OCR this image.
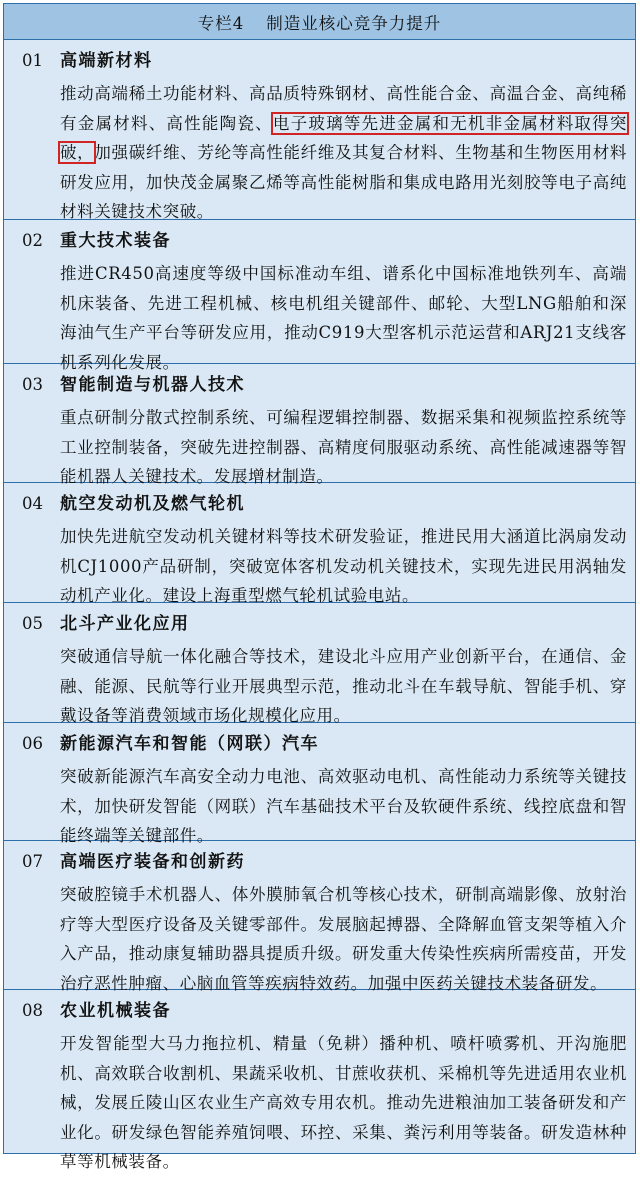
专栏4 制造业核心竞争力提升
01	高端新材料
推动高端稀土功能材料、高品质特殊钢材、高性能合金、高温合金、高纯稀有金属材料、高性能陶瓷、电子玻璃等先进金属和无机非金属材料取得突破，加强碳纤维、芳纶等高性能纤维及其复合材料、生物基和生物医用材料研发应用，加快茂金属聚乙烯等高性能树脂和集成电路用光刻胶等电子高纯材料关键技术突破。
02	重大技术装备
推进CR450高速度等级中国标准动车组、谱系化中国标准地铁列车、高端机床装备、先进工程机械、核电机组关键部件、邮轮、大型LNG船舶和深海油气生产平台等研发应用，推动C919大型客机示范运营和ARJ21支线客机系列化发展。
03	智能制造与机器人技术
重点研制分散式控制系统、可编程逻辑控制器、数据采集和视频监控系统等工业控制装备，突破先进控制器、高精度伺服驱动系统、高性能减速器等智能机器人关键技术。发展增材制造。
04	航空发动机及燃气轮机
加快先进航空发动机关键材料等技术研发验证，推进民用大涵道比涡扇发动机CJ1000产品研制，突破宽体客机发动机关键技术，实现先进民用涡轴发动机产业化。建设上海重型燃气轮机试验电站。
05	北斗产业化应用
突破通信导航一体化融合等技术，建设北斗应用产业创新平台，在通信、金融、能源、民航等行业开展典型示范，推动北斗在车载导航、智能手机、穿戴设备等消费领域市场化规模化应用。
06	新能源汽车和智能（网联）汽车
突破新能源汽车高安全动力电池、高效驱动电机、高性能动力系统等关键技术，加快研发智能（网联）汽车基础技术平台及软硬件系统、线控底盘和智能终端等关键部件。
07	高端医疗装备和创新药
突破腔镜手术机器人、体外膜肺氧合机等核心技术，研制高端影像、放射治疗等大型医疗设备及关键零部件。发展脑起搏器、全降解血管支架等植入介入产品，推动康复辅助器具提质升级。研发重大传染性疾病所需疫苗，开发治疗恶性肿瘤、心脑血管等疾病特效药。加强中医药关键技术装备研发。
08	农业机械装备
开发智能型大马力拖拉机、精量（免耕）播种机、喷杆喷雾机、开沟施肥机、高效联合收割机、果蔬采收机、甘蔗收获机、采棉机等先进适用农业机械，发展丘陵山区农业生产高效专用农机。推动先进粮油加工装备研发和产业化。研发绿色智能养殖饲喂、环控、采集、粪污利用等装备。研发造林种草等机械装备。
